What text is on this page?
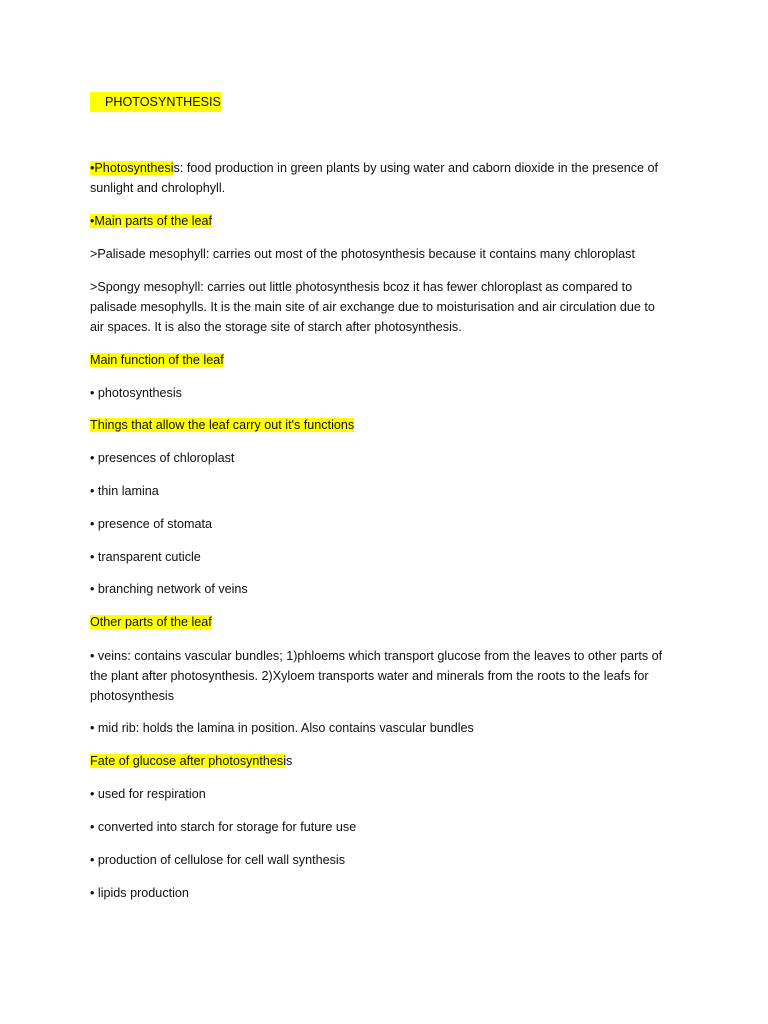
PHOTOSYNTHESIS
•Photosynthesis: food production in green plants by using water and caborn dioxide in the presence of
sunlight and chrolophyll.
•Main parts of the leaf
>Palisade mesophyll: carries out most of the photosynthesis because it contains many chloroplast
>Spongy mesophyll: carries out little photosynthesis bcoz it has fewer chloroplast as compared to
palisade mesophylls. It is the main site of air exchange due to moisturisation and air circulation due to
air spaces. It is also the storage site of starch after photosynthesis.
Main function of the leaf
• photosynthesis
Things that allow the leaf carry out it's functions
• presences of chloroplast
• thin lamina
• presence of stomata
• transparent cuticle
• branching network of veins
Other parts of the leaf
• veins: contains vascular bundles; 1)phloems which transport glucose from the leaves to other parts of
the plant after photosynthesis. 2)Xyloem transports water and minerals from the roots to the leafs for
photosynthesis
• mid rib: holds the lamina in position. Also contains vascular bundles
Fate of glucose after photosynthesis
• used for respiration
• converted into starch for storage for future use
• production of cellulose for cell wall synthesis
• lipids production
